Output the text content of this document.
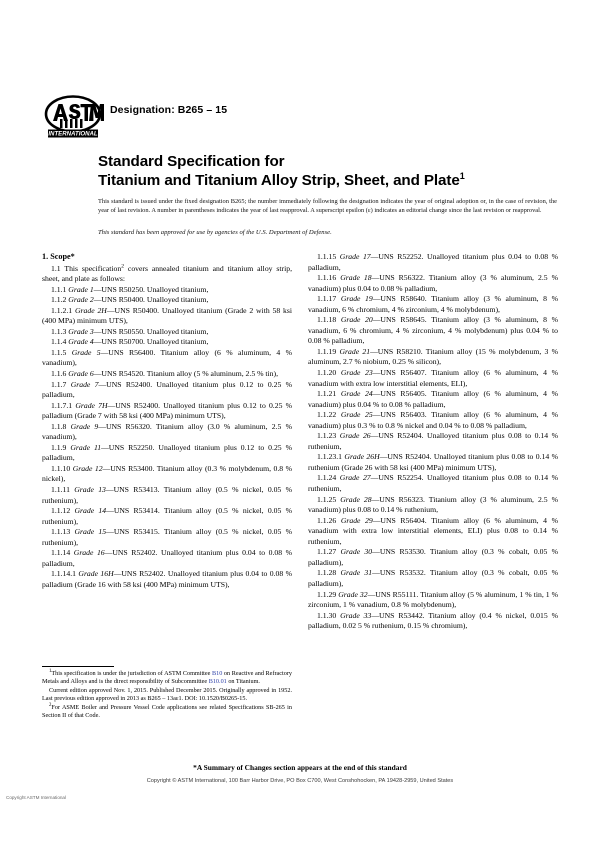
INTERNATIONAL
Designation: B265 – 15
Standard Specification for
Titanium and Titanium Alloy Strip, Sheet, and Plate$^1$
This standard is issued under the fixed designation B265; the number immediately following the designation indicates the year of original adoption or, in the case of revision, the year of last revision. A number in parentheses indicates the year of last reapproval. A superscript epsilon (ε) indicates an editorial change since the last revision or reapproval.
This standard has been approved for use by agencies of the U.S. Department of Defense.
1. Scope*

1.1 This specification$^2$ covers annealed titanium and titanium alloy strip, sheet, and plate as follows:

1.1.1 Grade 1—UNS R50250. Unalloyed titanium,

1.1.2 Grade 2—UNS R50400. Unalloyed titanium,

1.1.2.1 Grade 2H—UNS R50400. Unalloyed titanium (Grade 2 with 58 ksi (400 MPa) minimum UTS),

1.1.3 Grade 3—UNS R50550. Unalloyed titanium,

1.1.4 Grade 4—UNS R50700. Unalloyed titanium,

1.1.5 Grade 5—UNS R56400. Titanium alloy (6 % aluminum, 4 % vanadium),

1.1.6 Grade 6—UNS R54520. Titanium alloy (5 % aluminum, 2.5 % tin),

1.1.7 Grade 7—UNS R52400. Unalloyed titanium plus 0.12 to 0.25 % palladium,

1.1.7.1 Grade 7H—UNS R52400. Unalloyed titanium plus 0.12 to 0.25 % palladium (Grade 7 with 58 ksi (400 MPa) minimum UTS),

1.1.8 Grade 9—UNS R56320. Titanium alloy (3.0 % aluminum, 2.5 % vanadium),

1.1.9 Grade 11—UNS R52250. Unalloyed titanium plus 0.12 to 0.25 % palladium,

1.1.10 Grade 12—UNS R53400. Titanium alloy (0.3 % molybdenum, 0.8 % nickel),

1.1.11 Grade 13—UNS R53413. Titanium alloy (0.5 % nickel, 0.05 % ruthenium),

1.1.12 Grade 14—UNS R53414. Titanium alloy (0.5 % nickel, 0.05 % ruthenium),

1.1.13 Grade 15—UNS R53415. Titanium alloy (0.5 % nickel, 0.05 % ruthenium),

1.1.14 Grade 16—UNS R52402. Unalloyed titanium plus 0.04 to 0.08 % palladium,

1.1.14.1 Grade 16H—UNS R52402. Unalloyed titanium plus 0.04 to 0.08 % palladium (Grade 16 with 58 ksi (400 MPa) minimum UTS),

1.1.15 Grade 17—UNS R52252. Unalloyed titanium plus 0.04 to 0.08 % palladium,

1.1.16 Grade 18—UNS R56322. Titanium alloy (3 % aluminum, 2.5 % vanadium) plus 0.04 to 0.08 % palladium,

1.1.17 Grade 19—UNS R58640. Titanium alloy (3 % aluminum, 8 % vanadium, 6 % chromium, 4 % zirconium, 4 % molybdenum),

1.1.18 Grade 20—UNS R58645. Titanium alloy (3 % aluminum, 8 % vanadium, 6 % chromium, 4 % zirconium, 4 % molybdenum) plus 0.04 % to 0.08 % palladium,

1.1.19 Grade 21—UNS R58210. Titanium alloy (15 % molybdenum, 3 % aluminum, 2.7 % niobium, 0.25 % silicon),

1.1.20 Grade 23—UNS R56407. Titanium alloy (6 % aluminum, 4 % vanadium with extra low interstitial elements, ELI),

1.1.21 Grade 24—UNS R56405. Titanium alloy (6 % aluminum, 4 % vanadium) plus 0.04 % to 0.08 % palladium,

1.1.22 Grade 25—UNS R56403. Titanium alloy (6 % aluminum, 4 % vanadium) plus 0.3 % to 0.8 % nickel and 0.04 % to 0.08 % palladium,

1.1.23 Grade 26—UNS R52404. Unalloyed titanium plus 0.08 to 0.14 % ruthenium,

1.1.23.1 Grade 26H—UNS R52404. Unalloyed titanium plus 0.08 to 0.14 % ruthenium (Grade 26 with 58 ksi (400 MPa) minimum UTS),

1.1.24 Grade 27—UNS R52254. Unalloyed titanium plus 0.08 to 0.14 % ruthenium,

1.1.25 Grade 28—UNS R56323. Titanium alloy (3 % aluminum, 2.5 % vanadium) plus 0.08 to 0.14 % ruthenium,

1.1.26 Grade 29—UNS R56404. Titanium alloy (6 % aluminum, 4 % vanadium with extra low interstitial elements, ELI) plus 0.08 to 0.14 % ruthenium,

1.1.27 Grade 30—UNS R53530. Titanium alloy (0.3 % cobalt, 0.05 % palladium),

1.1.28 Grade 31—UNS R53532. Titanium alloy (0.3 % cobalt, 0.05 % palladium),

1.1.29 Grade 32—UNS R55111. Titanium alloy (5 % aluminum, 1 % tin, 1 % zirconium, 1 % vanadium, 0.8 % molybdenum),

1.1.30 Grade 33—UNS R53442. Titanium alloy (0.4 % nickel, 0.015 % palladium, 0.02 5 % ruthenium, 0.15 % chromium),

$^1$This specification is under the jurisdiction of ASTM Committee B10 on Reactive and Refractory Metals and Alloys and is the direct responsibility of Subcommittee B10.01 on Titanium.

Current edition approved Nov. 1, 2015. Published December 2015. Originally approved in 1952. Last previous edition approved in 2013 as B265 – 13aε1. DOI: 10.1520/B0265-15.

$^2$For ASME Boiler and Pressure Vessel Code applications see related Specifications SB-265 in Section II of that Code.

*A Summary of Changes section appears at the end of this standard
Copyright © ASTM International, 100 Barr Harbor Drive, PO Box C700, West Conshohocken, PA 19428-2959, United States
Copyright ASTM International
